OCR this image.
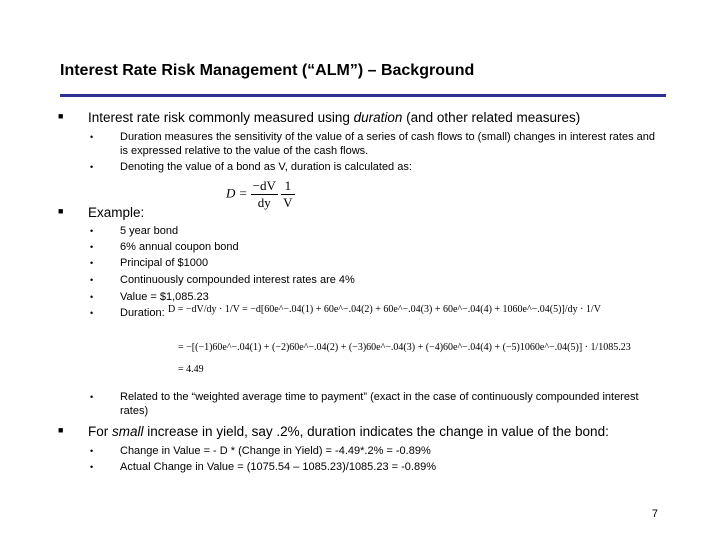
Interest Rate Risk Management (“ALM”) – Background
■ Interest rate risk commonly measured using duration (and other related measures)
• Duration measures the sensitivity of the value of a series of cash flows to (small) changes in interest rates and is expressed relative to the value of the cash flows.
• Denoting the value of a bond as V, duration is calculated as:
$D = \frac{-dV}{dy}$
$\frac{1}{V}$
■ Example:
• 5 year bond
• 6% annual coupon bond
• Principal of $1000
• Continuously compounded interest rates are 4%
• Value = $1,085.23
• Duration: D = −dV/dy · 1/V = −d[60e^−.04(1) + 60e^−.04(2) + 60e^−.04(3) + 60e^−.04(4) + 1060e^−.04(5)]/dy · 1/V
= −[(−1)60e^−.04(1) + (−2)60e^−.04(2) + (−3)60e^−.04(3) + (−4)60e^−.04(4) + (−5)1060e^−.04(5)] · 1/1085.23
= 4.49
• Related to the “weighted average time to payment” (exact in the case of continuously compounded interest rates)
■ For small increase in yield, say .2%, duration indicates the change in value of the bond:
• Change in Value = - D * (Change in Yield) = -4.49*.2% = -0.89%
• Actual Change in Value = (1075.54 – 1085.23)/1085.23 = -0.89%
7
